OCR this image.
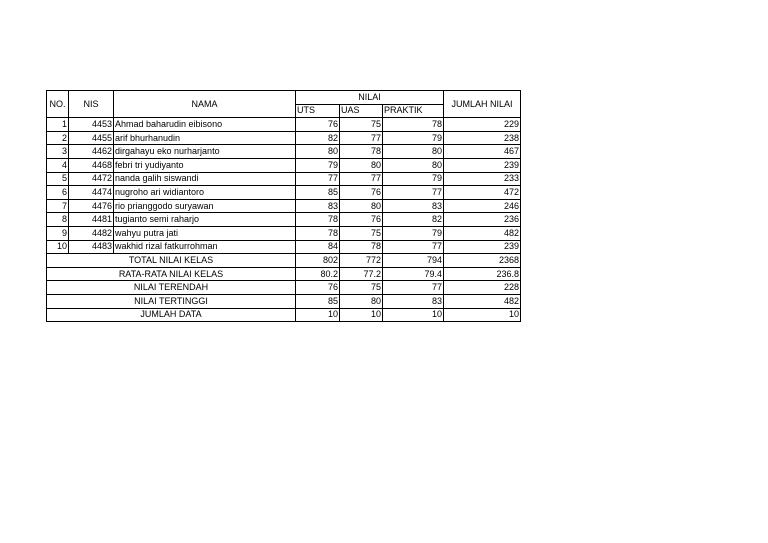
NO.	NIS	NAMA	NILAI			JUMLAH NILAI
			UTS	UAS	PRAKTIK	
1	4453	Ahmad baharudin eibisono	76	75	78	229
2	4455	arif bhurhanudin	82	77	79	238
3	4462	dirgahayu eko nurharjanto	80	78	80	467
4	4468	febri tri yudiyanto	79	80	80	239
5	4472	nanda galih siswandi	77	77	79	233
6	4474	nugroho ari widiantoro	85	76	77	472
7	4476	rio prianggodo suryawan	83	80	83	246
8	4481	tugianto semi raharjo	78	76	82	236
9	4482	wahyu putra jati	78	75	79	482
10	4483	wakhid rizal fatkurrohman	84	78	77	239
TOTAL NILAI KELAS			802	772	794	2368
RATA-RATA NILAI KELAS			80.2	77.2	79.4	236.8
NILAI TERENDAH			76	75	77	228
NILAI TERTINGGI			85	80	83	482
JUMLAH DATA			10	10	10	10
